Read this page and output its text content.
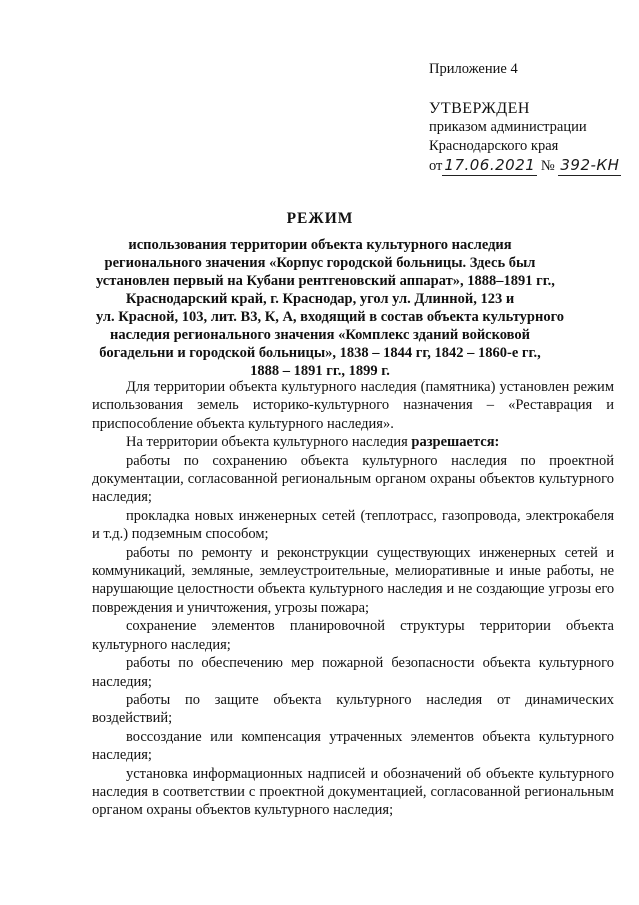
Приложение 4
УТВЕРЖДЕН
приказом администрации
Краснодарского края
от 17.06.2021 № 392-КН
РЕЖИМ
использования территории объекта культурного наследия
регионального значения «Корпус городской больницы. Здесь был
установлен первый на Кубани рентгеновский аппарат», 1888–1891 гг.,
Краснодарский край, г. Краснодар, угол ул. Длинной, 123 и
ул. Красной, 103, лит. В3, К, А, входящий в состав объекта культурного
наследия регионального значения «Комплекс зданий войсковой
богадельни и городской больницы», 1838 – 1844 гг, 1842 – 1860-е гг.,
1888 – 1891 гг., 1899 г.

Для территории объекта культурного наследия (памятника) установлен режим использования земель историко-культурного назначения – «Реставрация и приспособление объекта культурного наследия».

На территории объекта культурного наследия разрешается:

работы по сохранению объекта культурного наследия по проектной документации, согласованной региональным органом охраны объектов культурного наследия;

прокладка новых инженерных сетей (теплотрасс, газопровода, электрокабеля и т.д.) подземным способом;

работы по ремонту и реконструкции существующих инженерных сетей и коммуникаций, земляные, землеустроительные, мелиоративные и иные работы, не нарушающие целостности объекта культурного наследия и не создающие угрозы его повреждения и уничтожения, угрозы пожара;

сохранение элементов планировочной структуры территории объекта культурного наследия;

работы по обеспечению мер пожарной безопасности объекта культурного наследия;

работы по защите объекта культурного наследия от динамических воздействий;

воссоздание или компенсация утраченных элементов объекта культурного наследия;

установка информационных надписей и обозначений об объекте культурного наследия в соответствии с проектной документацией, согласованной региональным органом охраны объектов культурного наследия;
